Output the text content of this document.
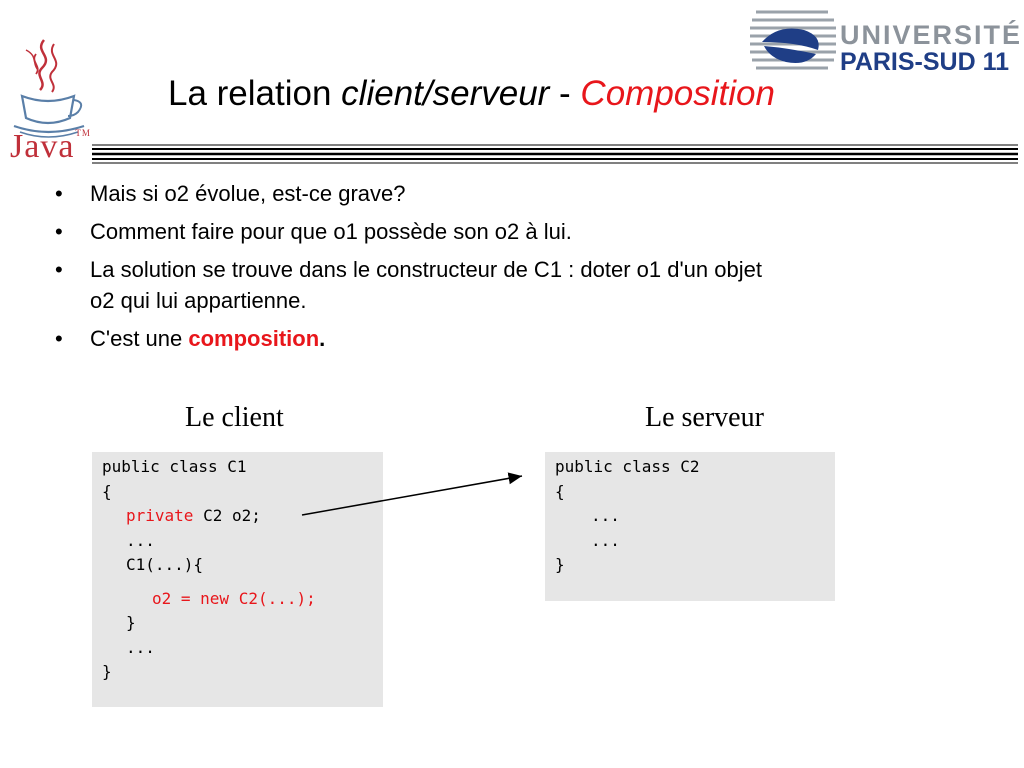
Java™
UNIVERSITÉ
PARIS-SUD 11
La relation client/serveur - Composition
• Mais si o2 évolue, est-ce grave?
• Comment faire pour que o1 possède son o2 à lui.
• La solution se trouve dans le constructeur de C1 : doter o1 d'un objet
o2 qui lui appartienne.
• C'est une composition.
Le client	Le serveur
public class C1
{
private C2 o2;
...
C1(...){
o2 = new C2(...);
}
...
}
public class C2
{
...
...
}
